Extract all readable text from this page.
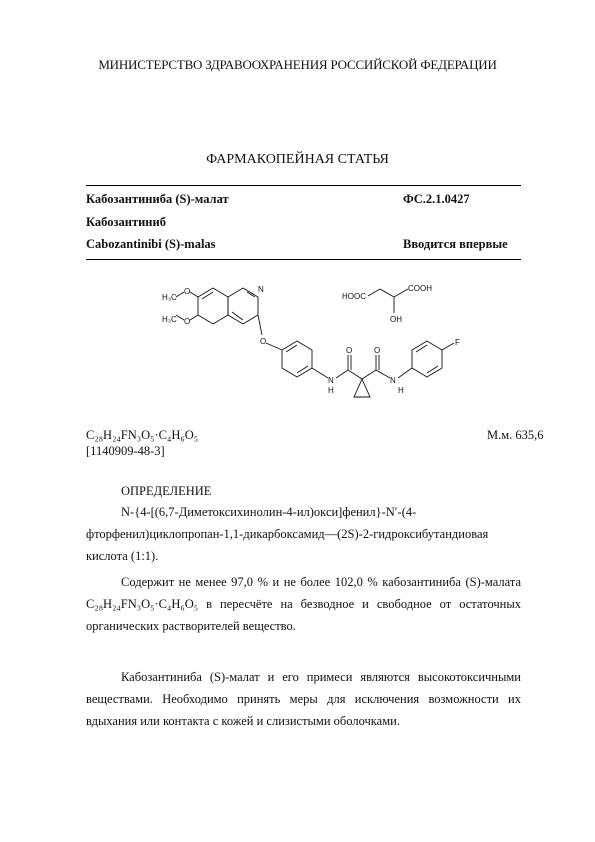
МИНИСТЕРСТВО ЗДРАВООХРАНЕНИЯ РОССИЙСКОЙ ФЕДЕРАЦИИ
ФАРМАКОПЕЙНАЯ СТАТЬЯ
Кабозантиниба (S)-малат	ФС.2.1.0427
Кабозантиниб
Cabozantinibi (S)-malas	Вводится впервые
H₃C
O
H₃C O
N
O
N
H
O	O
N
H
F
HOOC
COOH
OH
C₂₈H₂₄FN₃O₅·C₄H₆O₅	М.м. 635,6
[1140909-48-3]
ОПРЕДЕЛЕНИЕ
N-{4-[(6,7-Диметоксихинолин-4-ил)окси]фенил}-N′-(4-фторфенил)циклопропан-1,1-дикарбоксамид—(2S)-2-гидроксибутандиовая кислота (1:1).
Содержит не менее 97,0 % и не более 102,0 % кабозантиниба (S)-малата C₂₈H₂₄FN₃O₅·C₄H₆O₅ в пересчёте на безводное и свободное от остаточных органических растворителей вещество.
Кабозантиниба (S)-малат и его примеси являются высокотоксичными веществами. Необходимо принять меры для исключения возможности их вдыхания или контакта с кожей и слизистыми оболочками.
